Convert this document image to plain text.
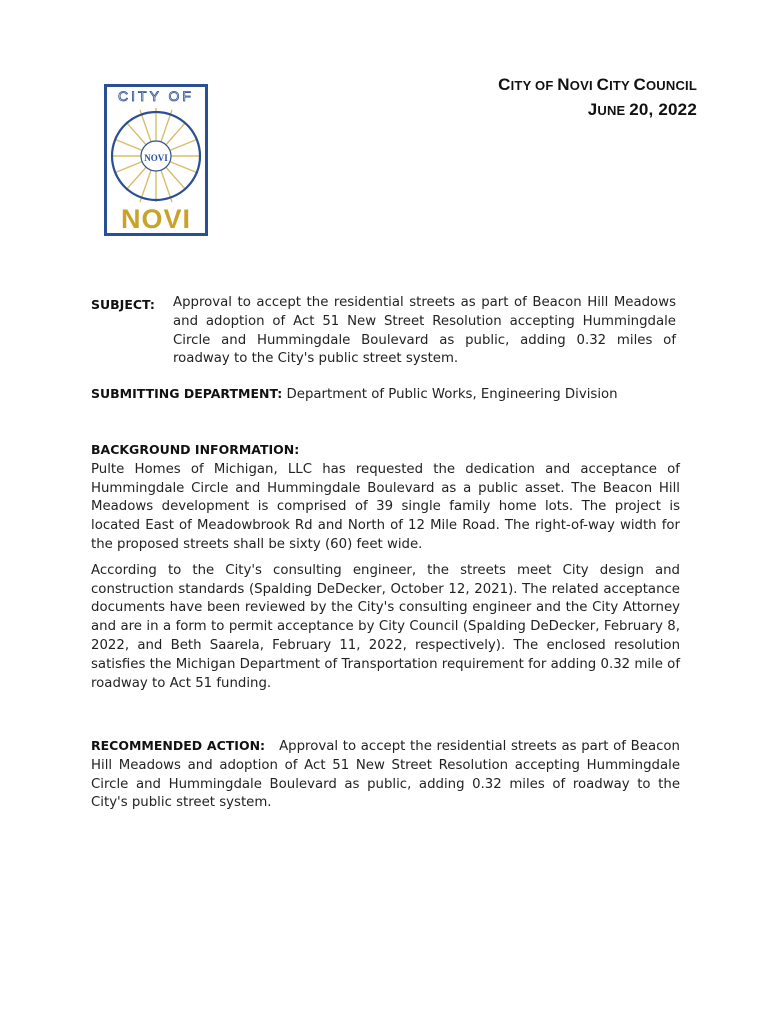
CITY OF
NOVI
NOVI
CITY OF NOVI CITY COUNCIL
JUNE 20, 2022
SUBJECT: Approval to accept the residential streets as part of Beacon Hill Meadows and adoption of Act 51 New Street Resolution accepting Hummingdale Circle and Hummingdale Boulevard as public, adding 0.32 miles of roadway to the City's public street system.
SUBMITTING DEPARTMENT: Department of Public Works, Engineering Division
BACKGROUND INFORMATION:

Pulte Homes of Michigan, LLC has requested the dedication and acceptance of Hummingdale Circle and Hummingdale Boulevard as a public asset. The Beacon Hill Meadows development is comprised of 39 single family home lots. The project is located East of Meadowbrook Rd and North of 12 Mile Road. The right-of-way width for the proposed streets shall be sixty (60) feet wide.

According to the City's consulting engineer, the streets meet City design and construction standards (Spalding DeDecker, October 12, 2021). The related acceptance documents have been reviewed by the City's consulting engineer and the City Attorney and are in a form to permit acceptance by City Council (Spalding DeDecker, February 8, 2022, and Beth Saarela, February 11, 2022, respectively). The enclosed resolution satisfies the Michigan Department of Transportation requirement for adding 0.32 mile of roadway to Act 51 funding.

RECOMMENDED ACTION: Approval to accept the residential streets as part of Beacon Hill Meadows and adoption of Act 51 New Street Resolution accepting Hummingdale Circle and Hummingdale Boulevard as public, adding 0.32 miles of roadway to the City's public street system.
